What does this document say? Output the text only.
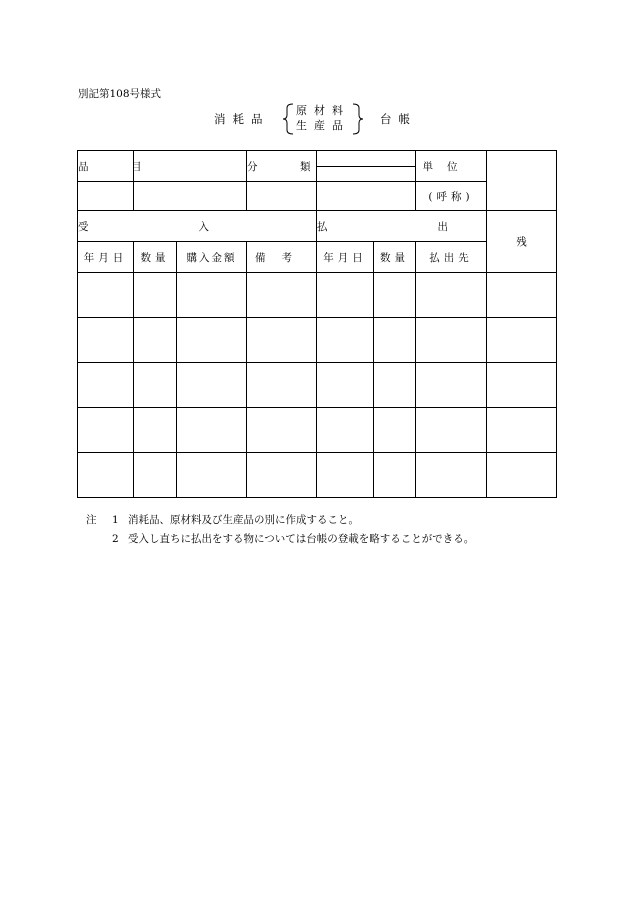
別記第108号様式
消耗品
原材料
生産品	台帳
品　目			分　類			単位	
						(呼称)	
受入				払出			残
年月日	数量	購入金額	備考	年月日	数量	払出先	

注 1 消耗品、原材料及び生産品の別に作成すること。
2 受入し直ちに払出をする物については台帳の登載を略することができる。
